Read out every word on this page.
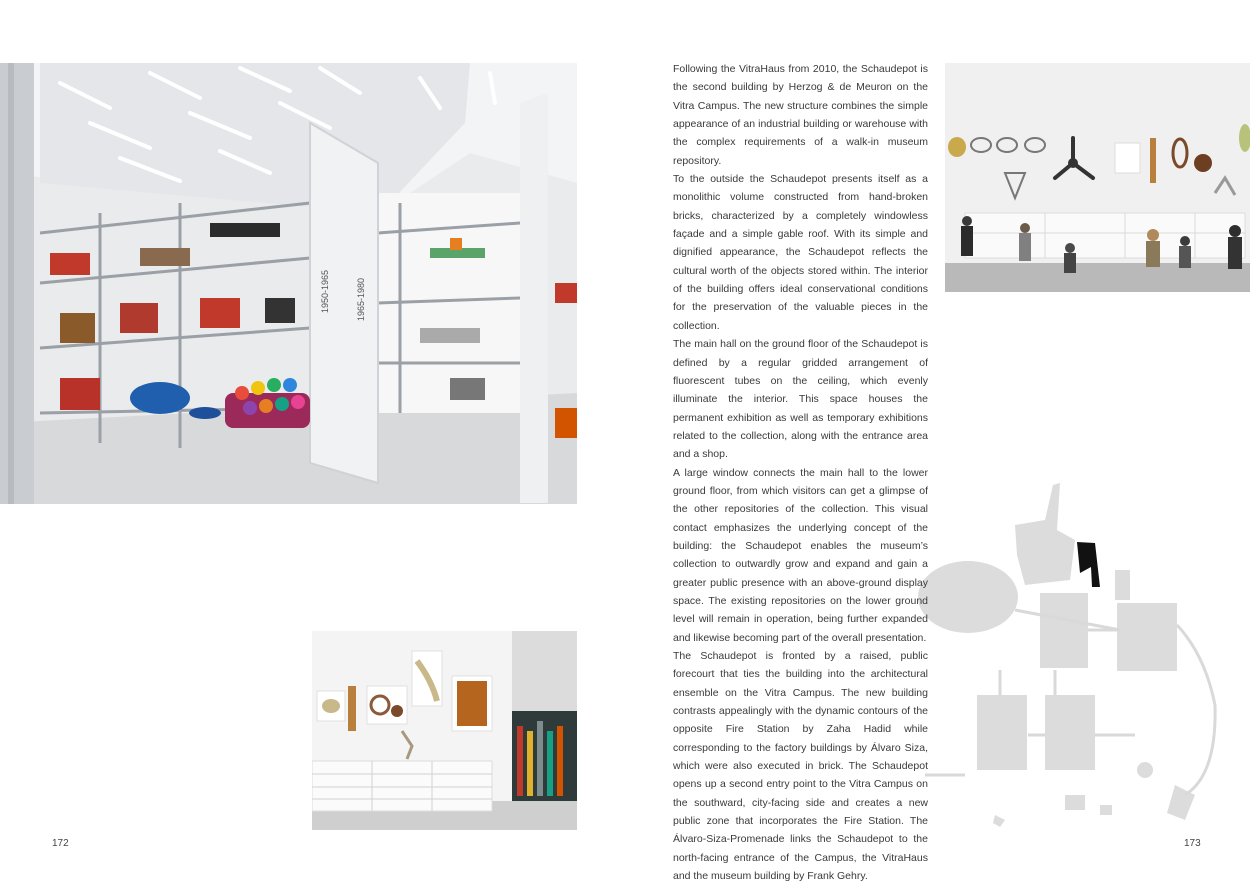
1950-1965	1965-1980

Following the VitraHaus from 2010, the Schaudepot is the second building by Herzog & de Meuron on the Vitra Campus. The new structure combines the simple appearance of an industrial building or warehouse with the complex requirements of a walk-in museum repository.

To the outside the Schaudepot presents itself as a monolithic volume constructed from hand-broken bricks, characterized by a completely windowless façade and a simple gable roof. With its simple and dignified appearance, the Schaudepot reflects the cultural worth of the objects stored within. The interior of the building offers ideal conservational conditions for the preservation of the valuable pieces in the collection.

The main hall on the ground floor of the Schaudepot is defined by a regular gridded arrangement of fluorescent tubes on the ceiling, which evenly illuminate the interior. This space houses the permanent exhibition as well as temporary exhibitions related to the collection, along with the entrance area and a shop.

A large window connects the main hall to the lower ground floor, from which visitors can get a glimpse of the other repositories of the collection. This visual contact emphasizes the underlying concept of the building: the Schaudepot enables the museum’s collection to outwardly grow and expand and gain a greater public presence with an above-ground display space. The existing repositories on the lower ground level will remain in operation, being further expanded and likewise becoming part of the overall presentation.

The Schaudepot is fronted by a raised, public forecourt that ties the building into the architectural ensemble on the Vitra Campus. The new building contrasts appealingly with the dynamic contours of the opposite Fire Station by Zaha Hadid while corresponding to the factory buildings by Álvaro Siza, which were also executed in brick. The Schaudepot opens up a second entry point to the Vitra Campus on the southward, city-facing side and creates a new public zone that incorporates the Fire Station. The Álvaro-Siza-Promenade links the Schaudepot to the north-facing entrance of the Campus, the VitraHaus and the museum building by Frank Gehry.

172	173
